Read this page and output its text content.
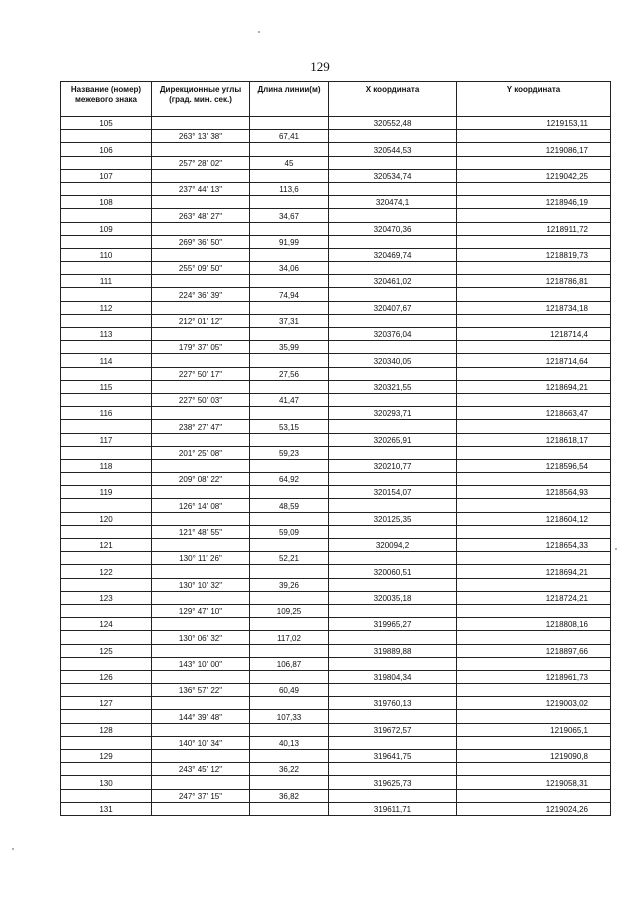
129
Название (номер) межевого знака	Дирекционные углы (град. мин. сек.)	Длина линии(м)	X координата	Y координата
105			320552,48	1219153,11
	263° 13' 38"	67,41		
106			320544,53	1219086,17
	257° 28' 02"	45		
107			320534,74	1219042,25
	237° 44' 13"	113,6		
108			320474,1	1218946,19
	263° 48' 27"	34,67		
109			320470,36	1218911,72
	269° 36' 50"	91,99		
110			320469,74	1218819,73
	255° 09' 50"	34,06		
111			320461,02	1218786,81
	224° 36' 39"	74,94		
112			320407,67	1218734,18
	212° 01' 12"	37,31		
113			320376,04	1218714,4
	179° 37' 05"	35,99		
114			320340,05	1218714,64
	227° 50' 17"	27,56		
115			320321,55	1218694,21
	227° 50' 03"	41,47		
116			320293,71	1218663,47
	238° 27' 47"	53,15		
117			320265,91	1218618,17
	201° 25' 08"	59,23		
118			320210,77	1218596,54
	209° 08' 22"	64,92		
119			320154,07	1218564,93
	126° 14' 08"	48,59		
120			320125,35	1218604,12
	121° 48' 55"	59,09		
121			320094,2	1218654,33
	130° 11' 26"	52,21		
122			320060,51	1218694,21
	130° 10' 32"	39,26		
123			320035,18	1218724,21
	129° 47' 10"	109,25		
124			319965,27	1218808,16
	130° 06' 32"	117,02		
125			319889,88	1218897,66
	143° 10' 00"	106,87		
126			319804,34	1218961,73
	136° 57' 22"	60,49		
127			319760,13	1219003,02
	144° 39' 48"	107,33		
128			319672,57	1219065,1
	140° 10' 34"	40,13		
129			319641,75	1219090,8
	243° 45' 12"	36,22		
130			319625,73	1219058,31
	247° 37' 15"	36,82		
131			319611,71	1219024,26
